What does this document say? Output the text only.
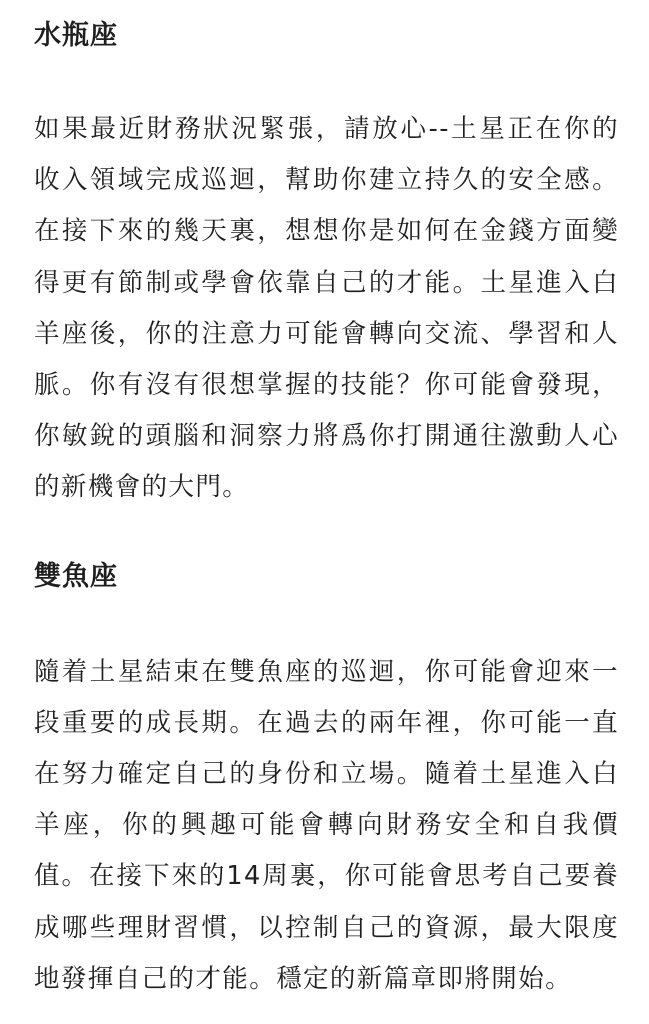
水瓶座

如果最近財務狀況緊張，請放心--土星正在你的收入領域完成巡迴，幫助你建立持久的安全感。在接下來的幾天裏，想想你是如何在金錢方面變得更有節制或學會依靠自己的才能。土星進入白羊座後，你的注意力可能會轉向交流、學習和人脈。你有沒有很想掌握的技能？你可能會發現，你敏銳的頭腦和洞察力將爲你打開通往激動人心的新機會的大門。

雙魚座

隨着土星結束在雙魚座的巡迴，你可能會迎來一段重要的成長期。在過去的兩年裡，你可能一直在努力確定自己的身份和立場。隨着土星進入白羊座，你的興趣可能會轉向財務安全和自我價值。在接下來的14周裏，你可能會思考自己要養成哪些理財習慣，以控制自己的資源，最大限度地發揮自己的才能。穩定的新篇章即將開始。
